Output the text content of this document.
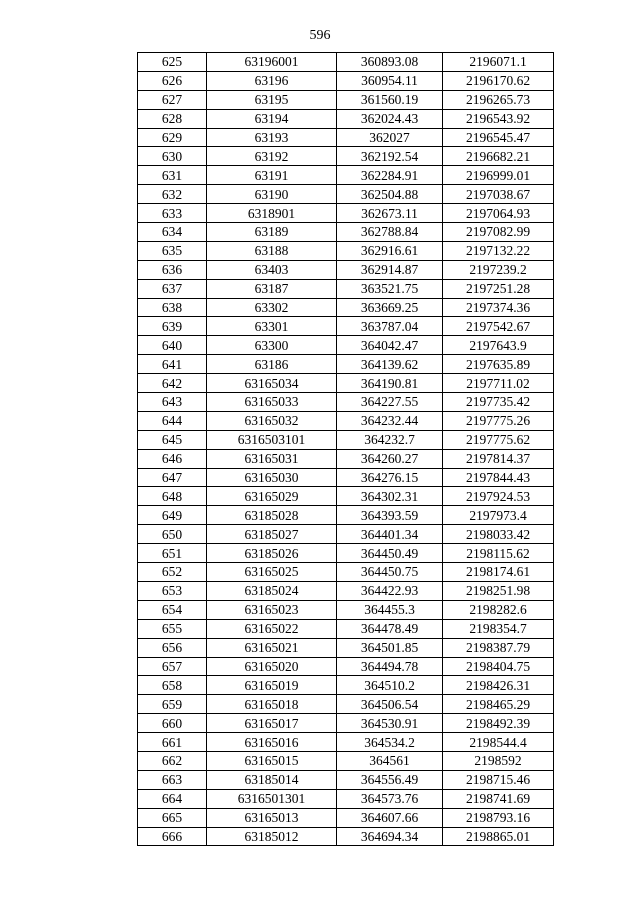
596
625	63196001	360893.08	2196071.1
626	63196	360954.11	2196170.62
627	63195	361560.19	2196265.73
628	63194	362024.43	2196543.92
629	63193	362027	2196545.47
630	63192	362192.54	2196682.21
631	63191	362284.91	2196999.01
632	63190	362504.88	2197038.67
633	6318901	362673.11	2197064.93
634	63189	362788.84	2197082.99
635	63188	362916.61	2197132.22
636	63403	362914.87	2197239.2
637	63187	363521.75	2197251.28
638	63302	363669.25	2197374.36
639	63301	363787.04	2197542.67
640	63300	364042.47	2197643.9
641	63186	364139.62	2197635.89
642	63165034	364190.81	2197711.02
643	63165033	364227.55	2197735.42
644	63165032	364232.44	2197775.26
645	6316503101	364232.7	2197775.62
646	63165031	364260.27	2197814.37
647	63165030	364276.15	2197844.43
648	63165029	364302.31	2197924.53
649	63185028	364393.59	2197973.4
650	63185027	364401.34	2198033.42
651	63185026	364450.49	2198115.62
652	63165025	364450.75	2198174.61
653	63185024	364422.93	2198251.98
654	63165023	364455.3	2198282.6
655	63165022	364478.49	2198354.7
656	63165021	364501.85	2198387.79
657	63165020	364494.78	2198404.75
658	63165019	364510.2	2198426.31
659	63165018	364506.54	2198465.29
660	63165017	364530.91	2198492.39
661	63165016	364534.2	2198544.4
662	63165015	364561	2198592
663	63185014	364556.49	2198715.46
664	6316501301	364573.76	2198741.69
665	63165013	364607.66	2198793.16
666	63185012	364694.34	2198865.01
